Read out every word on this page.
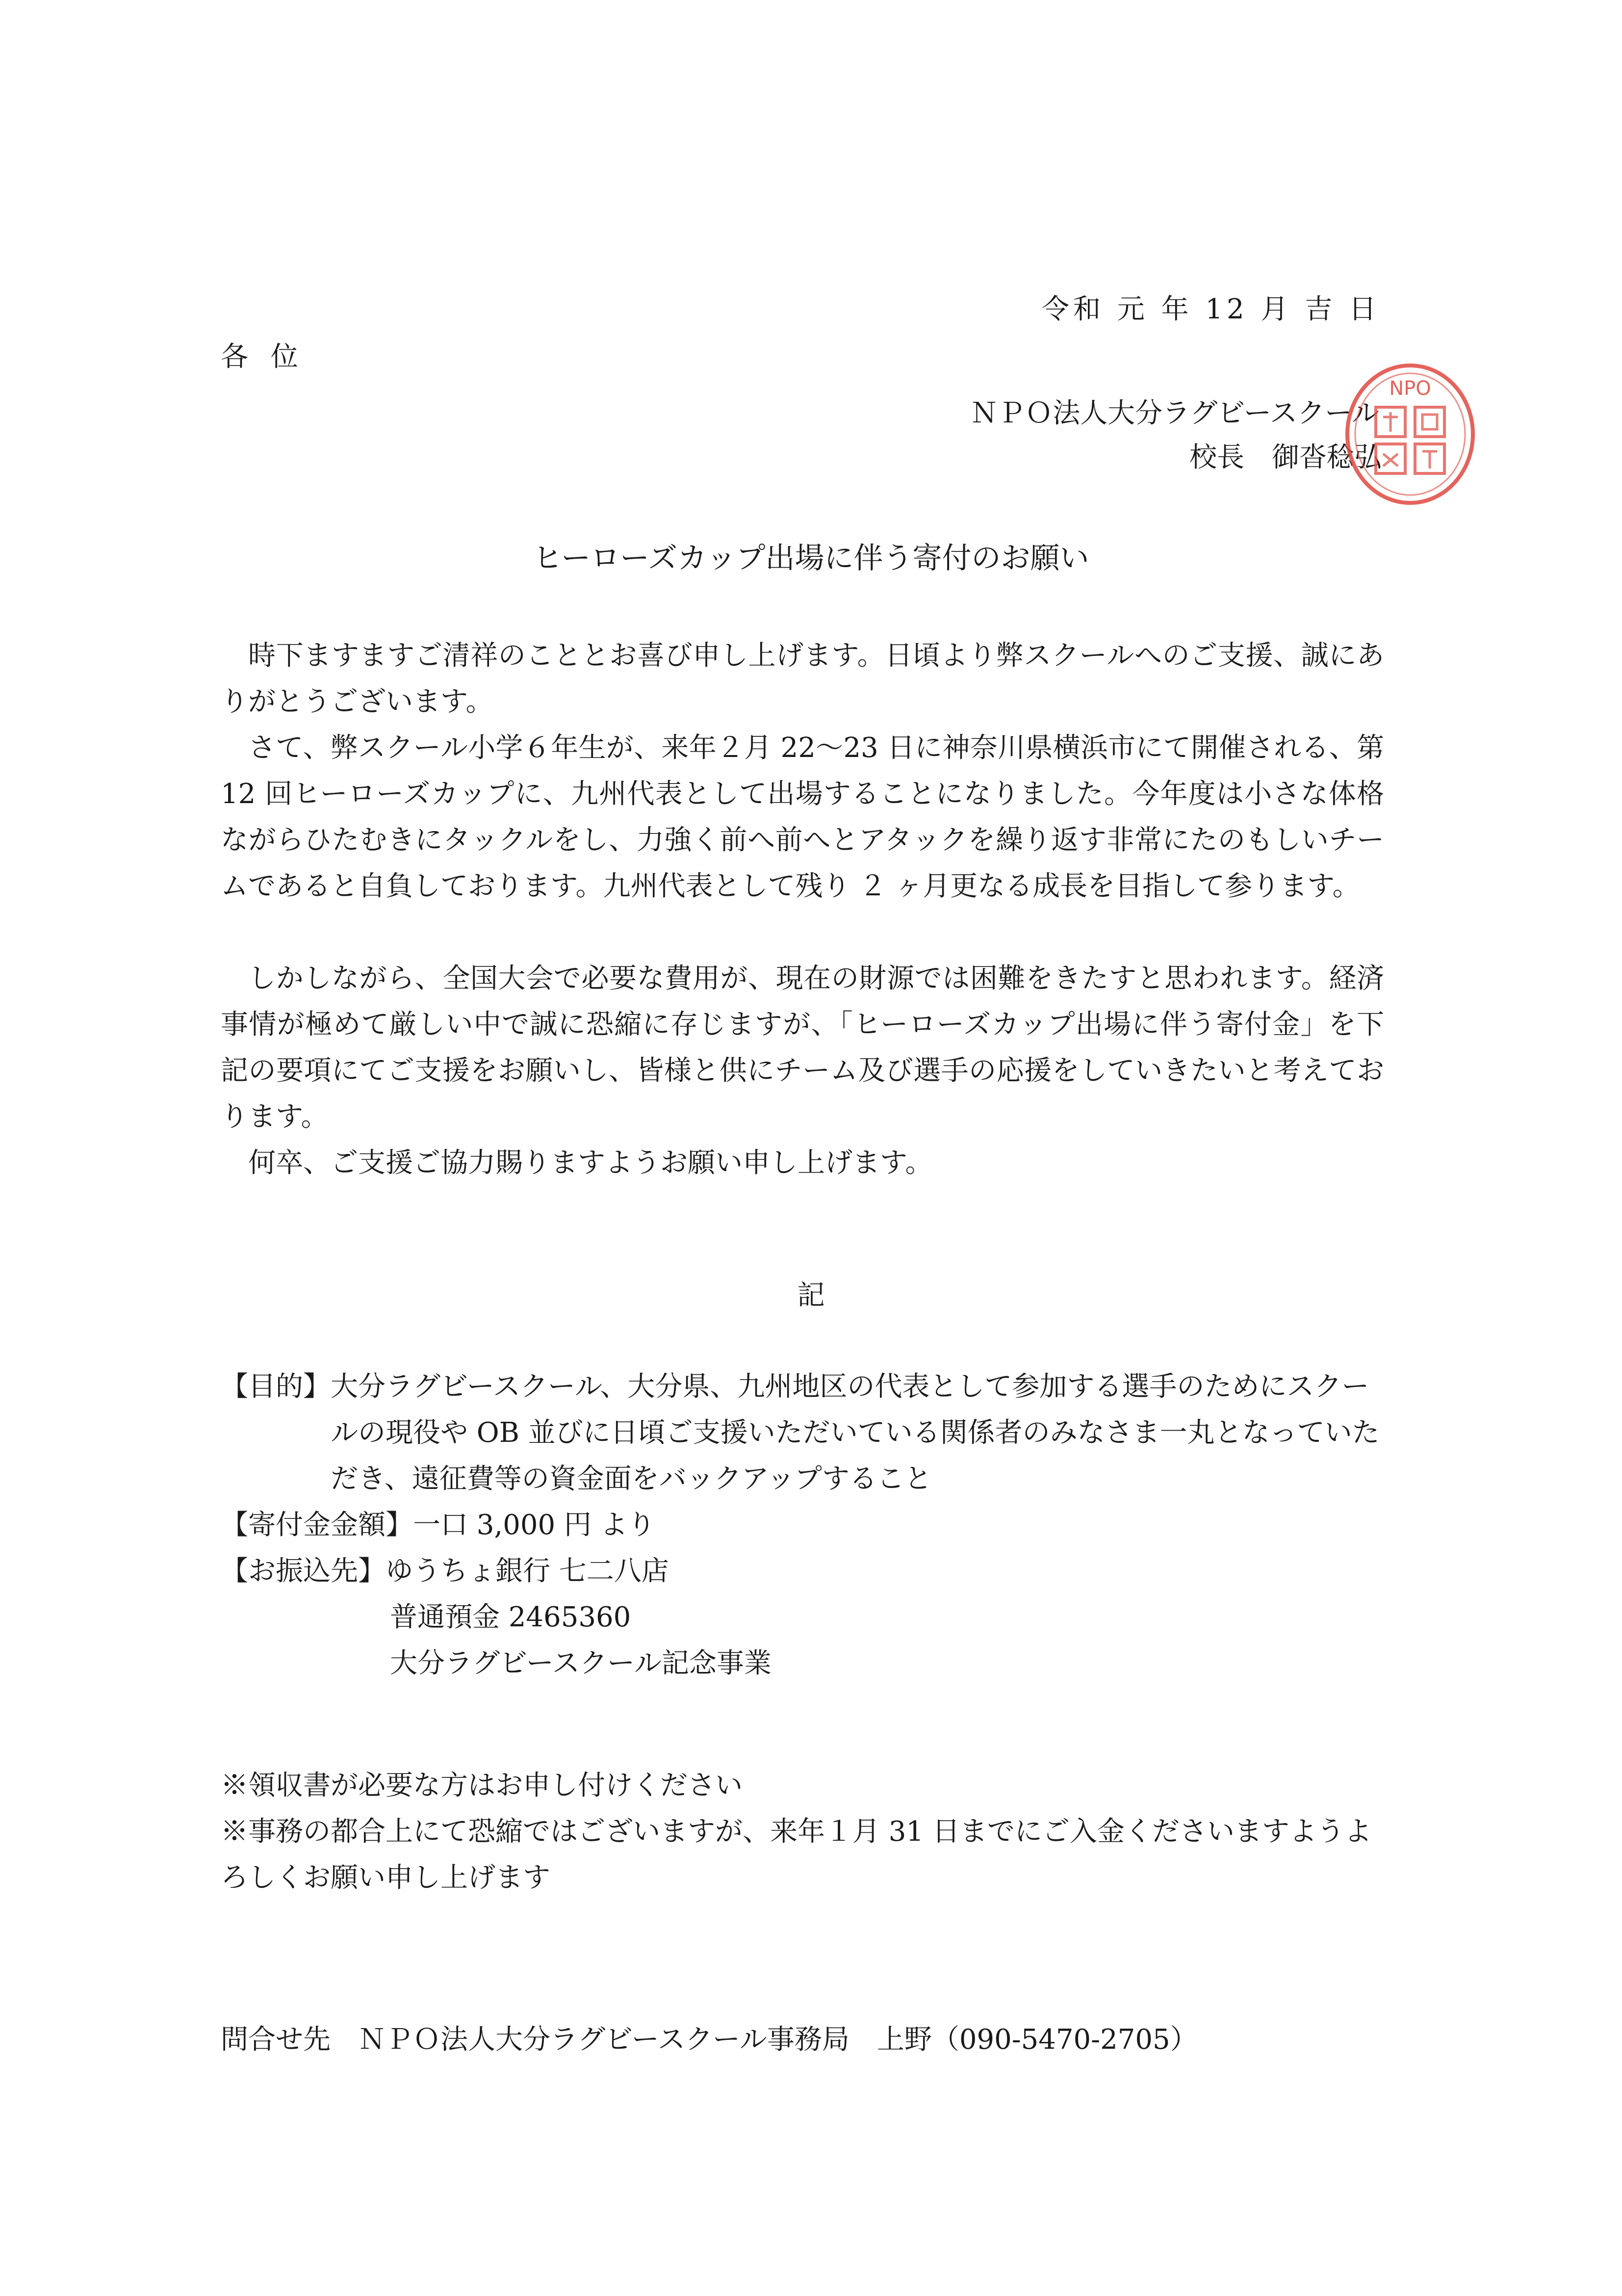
令和 元 年 12 月 吉 日
各 位
ＮＰＯ法人大分ラグビースクール
校長　御沓稔弘
NPO
ヒーローズカップ出場に伴う寄付のお願い

時下ますますご清祥のこととお喜び申し上げます。日頃より弊スクールへのご支援、誠にありがとうございます。

さて、弊スクール小学６年生が、来年２月 22〜23 日に神奈川県横浜市にて開催される、第 12 回ヒーローズカップに、九州代表として出場することになりました。今年度は小さな体格ながらひたむきにタックルをし、力強く前へ前へとアタックを繰り返す非常にたのもしいチームであると自負しております。九州代表として残り ２ ヶ月更なる成長を目指して参ります。

しかしながら、全国大会で必要な費用が、現在の財源では困難をきたすと思われます。経済事情が極めて厳しい中で誠に恐縮に存じますが、「ヒーローズカップ出場に伴う寄付金」を下記の要項にてご支援をお願いし、皆様と供にチーム及び選手の応援をしていきたいと考えております。

何卒、ご支援ご協力賜りますようお願い申し上げます。

記
【目的】 大分ラグビースクール、大分県、九州地区の代表として参加する選手のためにスクールの現役や OB 並びに日頃ご支援いただいている関係者のみなさま一丸となっていただき、遠征費等の資金面をバックアップすること
【寄付金金額】 一口 3,000 円 より
【お振込先】 ゆうちょ銀行 七二八店
普通預金 2465360
大分ラグビースクール記念事業
※領収書が必要な方はお申し付けください
※事務の都合上にて恐縮ではございますが、来年１月 31 日までにご入金くださいますようよろしくお願い申し上げます
問合せ先　ＮＰＯ法人大分ラグビースクール事務局　上野（090-5470-2705）
